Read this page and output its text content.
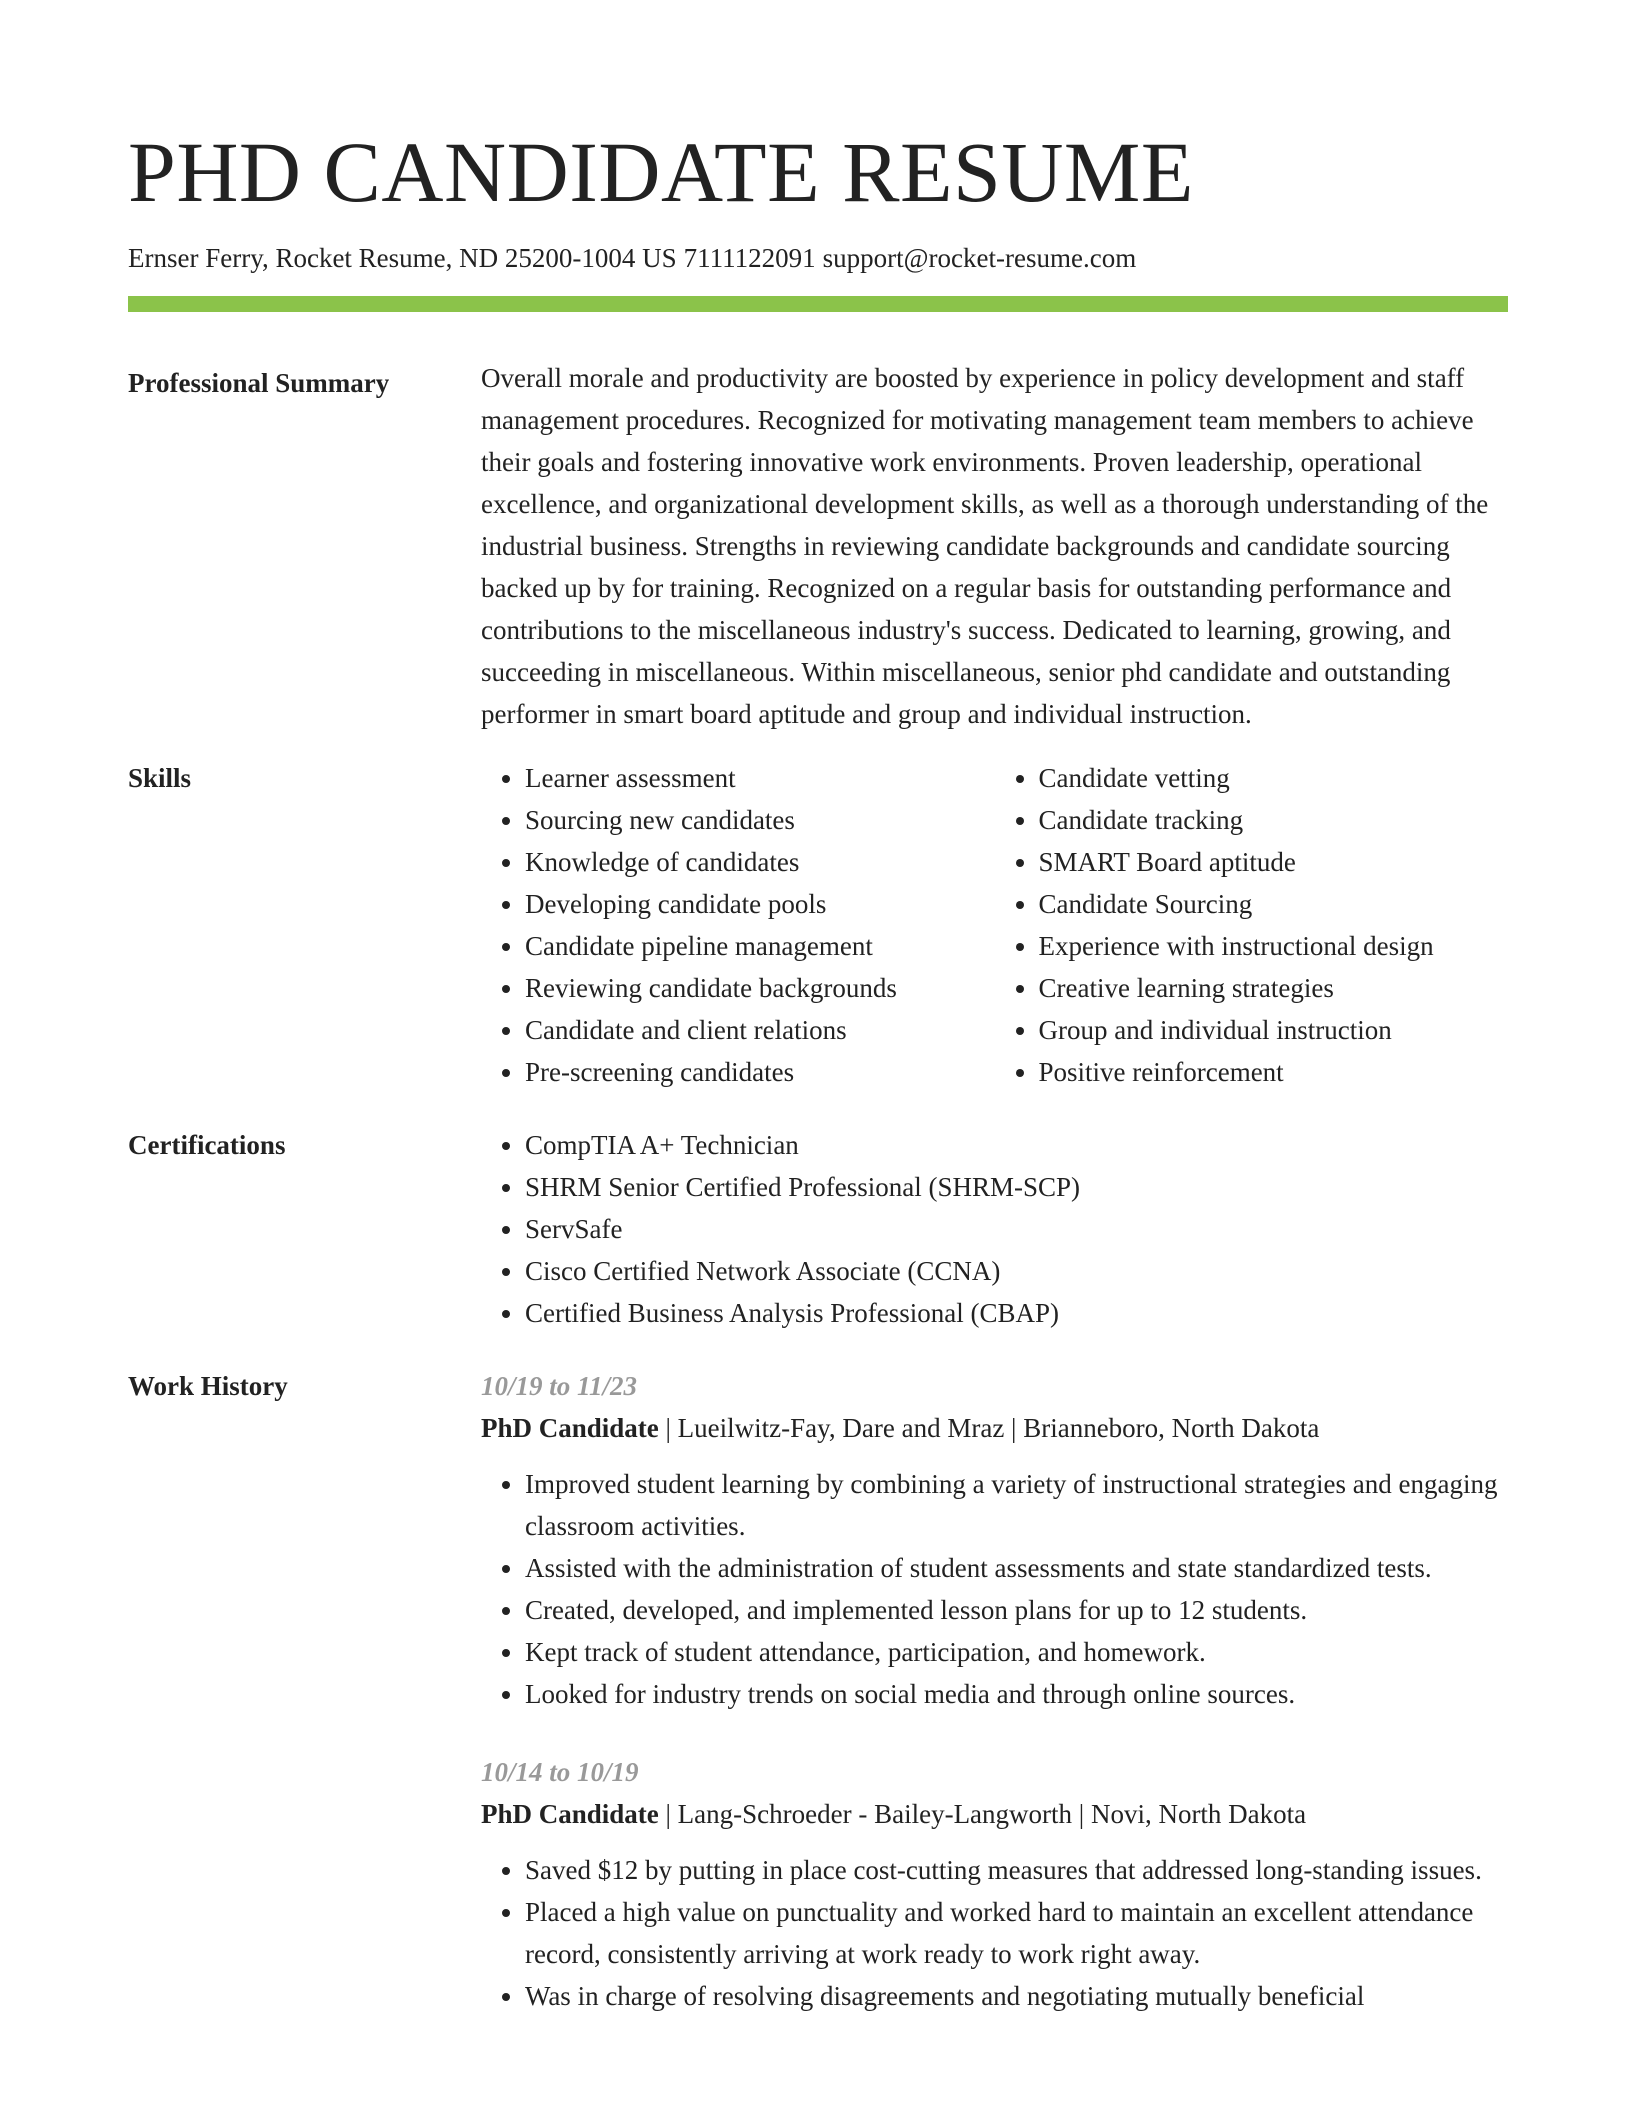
PHD CANDIDATE RESUME
Ernser Ferry, Rocket Resume, ND 25200-1004 US 7111122091 support@rocket-resume.com
Professional Summary	Overall morale and productivity are boosted by experience in policy development and staff management procedures. Recognized for motivating management team members to achieve their goals and fostering innovative work environments. Proven leadership, operational excellence, and organizational development skills, as well as a thorough understanding of the industrial business. Strengths in reviewing candidate backgrounds and candidate sourcing backed up by for training. Recognized on a regular basis for outstanding performance and contributions to the miscellaneous industry's success. Dedicated to learning, growing, and succeeding in miscellaneous. Within miscellaneous, senior phd candidate and outstanding performer in smart board aptitude and group and individual instruction.

Skills	• Learner assessment
• Sourcing new candidates
• Knowledge of candidates
• Developing candidate pools
• Candidate pipeline management
• Reviewing candidate backgrounds
• Candidate and client relations
• Pre-screening candidates
• Candidate vetting
• Candidate tracking
• SMART Board aptitude
• Candidate Sourcing
• Experience with instructional design
• Creative learning strategies
• Group and individual instruction
• Positive reinforcement
Certifications	• CompTIA A+ Technician
• SHRM Senior Certified Professional (SHRM-SCP)
• ServSafe
• Cisco Certified Network Associate (CCNA)
• Certified Business Analysis Professional (CBAP)
Work History	10/19 to 11/23
PhD Candidate | Lueilwitz-Fay, Dare and Mraz | Brianneboro, North Dakota
• Improved student learning by combining a variety of instructional strategies and engaging classroom activities.
• Assisted with the administration of student assessments and state standardized tests.
• Created, developed, and implemented lesson plans for up to 12 students.
• Kept track of student attendance, participation, and homework.
• Looked for industry trends on social media and through online sources.
10/14 to 10/19
PhD Candidate | Lang-Schroeder - Bailey-Langworth | Novi, North Dakota
• Saved $12 by putting in place cost-cutting measures that addressed long-standing issues.
• Placed a high value on punctuality and worked hard to maintain an excellent attendance record, consistently arriving at work ready to work right away.
• Was in charge of resolving disagreements and negotiating mutually beneficial
